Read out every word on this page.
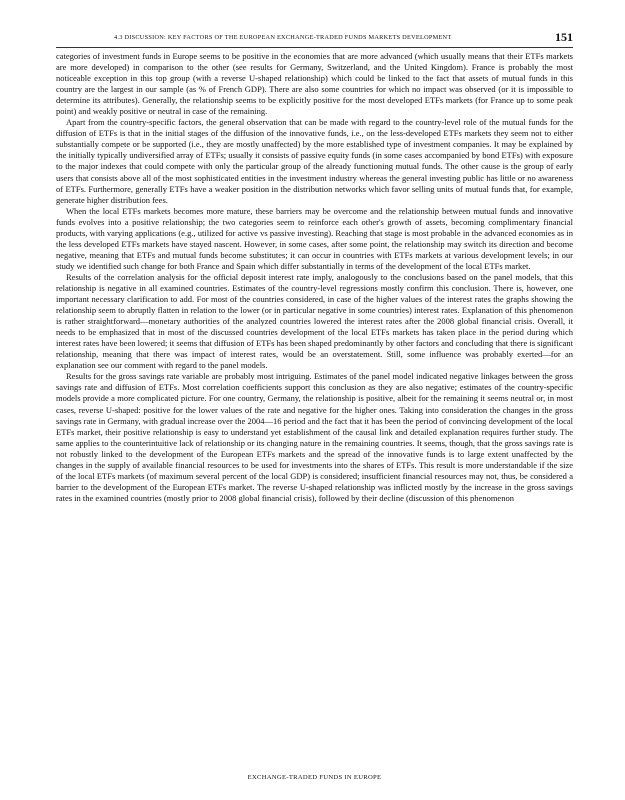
4.3 DISCUSSION: KEY FACTORS OF THE EUROPEAN EXCHANGE-TRADED FUNDS MARKETS DEVELOPMENT	151

categories of investment funds in Europe seems to be positive in the economies that are more advanced (which usually means that their ETFs markets are more developed) in comparison to the other (see results for Germany, Switzerland, and the United Kingdom). France is probably the most noticeable exception in this top group (with a reverse U-shaped relationship) which could be linked to the fact that assets of mutual funds in this country are the largest in our sample (as % of French GDP). There are also some countries for which no impact was observed (or it is impossible to determine its attributes). Generally, the relationship seems to be explicitly positive for the most developed ETFs markets (for France up to some peak point) and weakly positive or neutral in case of the remaining.

Apart from the country-specific factors, the general observation that can be made with regard to the country-level role of the mutual funds for the diffusion of ETFs is that in the initial stages of the diffusion of the innovative funds, i.e., on the less-developed ETFs markets they seem not to either substantially compete or be supported (i.e., they are mostly unaffected) by the more established type of investment companies. It may be explained by the initially typically undiversified array of ETFs; usually it consists of passive equity funds (in some cases accompanied by bond ETFs) with exposure to the major indexes that could compete with only the particular group of the already functioning mutual funds. The other cause is the group of early users that consists above all of the most sophisticated entities in the investment industry whereas the general investing public has little or no awareness of ETFs. Furthermore, generally ETFs have a weaker position in the distribution networks which favor selling units of mutual funds that, for example, generate higher distribution fees.

When the local ETFs markets becomes more mature, these barriers may be overcome and the relationship between mutual funds and innovative funds evolves into a positive relationship; the two categories seem to reinforce each other's growth of assets, becoming complimentary financial products, with varying applications (e.g., utilized for active vs passive investing). Reaching that stage is most probable in the advanced economies as in the less developed ETFs markets have stayed nascent. However, in some cases, after some point, the relationship may switch its direction and become negative, meaning that ETFs and mutual funds become substitutes; it can occur in countries with ETFs markets at various development levels; in our study we identified such change for both France and Spain which differ substantially in terms of the development of the local ETFs market.

Results of the correlation analysis for the official deposit interest rate imply, analogously to the conclusions based on the panel models, that this relationship is negative in all examined countries. Estimates of the country-level regressions mostly confirm this conclusion. There is, however, one important necessary clarification to add. For most of the countries considered, in case of the higher values of the interest rates the graphs showing the relationship seem to abruptly flatten in relation to the lower (or in particular negative in some countries) interest rates. Explanation of this phenomenon is rather straightforward—monetary authorities of the analyzed countries lowered the interest rates after the 2008 global financial crisis. Overall, it needs to be emphasized that in most of the discussed countries development of the local ETFs markets has taken place in the period during which interest rates have been lowered; it seems that diffusion of ETFs has been shaped predominantly by other factors and concluding that there is significant relationship, meaning that there was impact of interest rates, would be an overstatement. Still, some influence was probably exerted—for an explanation see our comment with regard to the panel models.

Results for the gross savings rate variable are probably most intriguing. Estimates of the panel model indicated negative linkages between the gross savings rate and diffusion of ETFs. Most correlation coefficients support this conclusion as they are also negative; estimates of the country-specific models provide a more complicated picture. For one country, Germany, the relationship is positive, albeit for the remaining it seems neutral or, in most cases, reverse U-shaped: positive for the lower values of the rate and negative for the higher ones. Taking into consideration the changes in the gross savings rate in Germany, with gradual increase over the 2004—16 period and the fact that it has been the period of convincing development of the local ETFs market, their positive relationship is easy to understand yet establishment of the causal link and detailed explanation requires further study. The same applies to the counterintuitive lack of relationship or its changing nature in the remaining countries. It seems, though, that the gross savings rate is not robustly linked to the development of the European ETFs markets and the spread of the innovative funds is to large extent unaffected by the changes in the supply of available financial resources to be used for investments into the shares of ETFs. This result is more understandable if the size of the local ETFs markets (of maximum several percent of the local GDP) is considered; insufficient financial resources may not, thus, be considered a barrier to the development of the European ETFs market. The reverse U-shaped relationship was inflicted mostly by the increase in the gross savings rates in the examined countries (mostly prior to 2008 global financial crisis), followed by their decline (discussion of this phenomenon

EXCHANGE-TRADED FUNDS IN EUROPE
